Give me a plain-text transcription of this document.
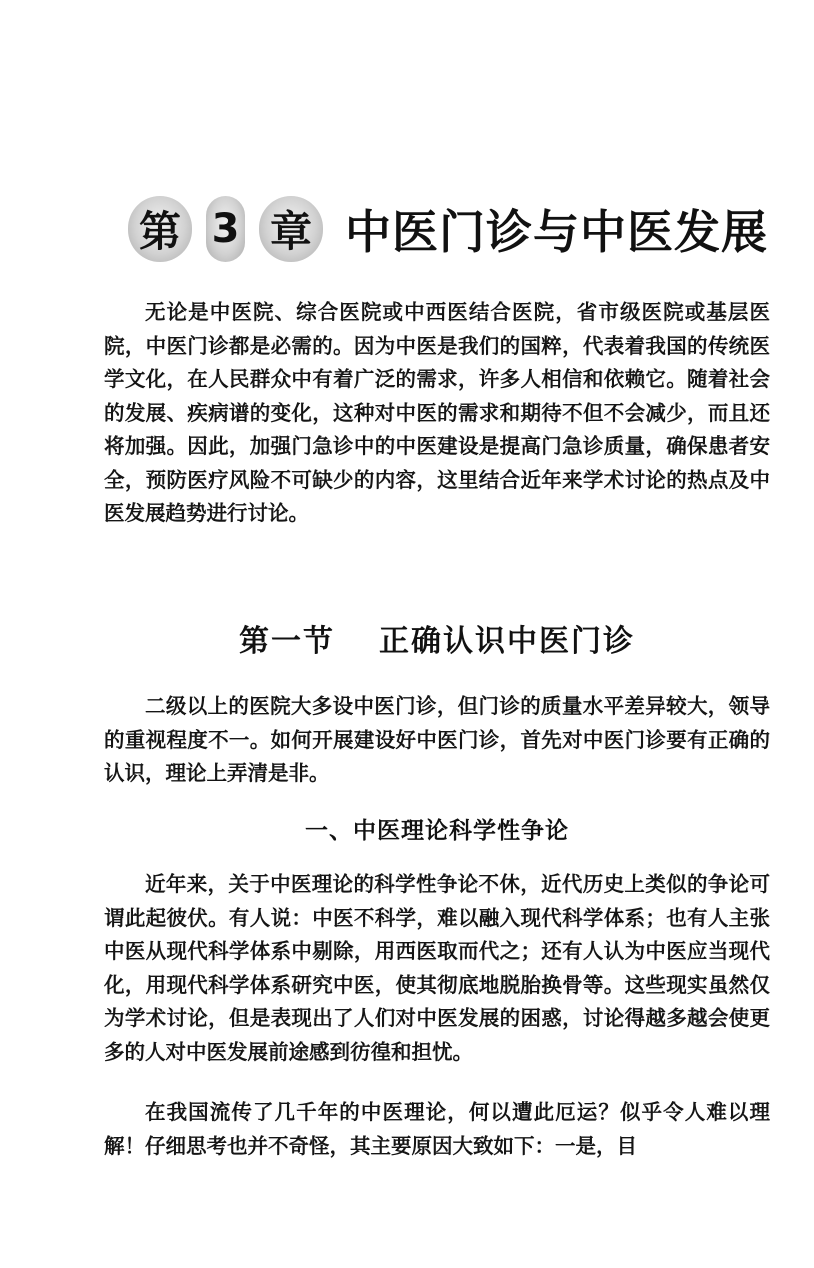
第 3 章 中医门诊与中医发展

无论是中医院、综合医院或中西医结合医院，省市级医院或基层医院，中医门诊都是必需的。因为中医是我们的国粹，代表着我国的传统医学文化，在人民群众中有着广泛的需求，许多人相信和依赖它。随着社会的发展、疾病谱的变化，这种对中医的需求和期待不但不会减少，而且还将加强。因此，加强门急诊中的中医建设是提高门急诊质量，确保患者安全，预防医疗风险不可缺少的内容，这里结合近年来学术讨论的热点及中医发展趋势进行讨论。

第一节 正确认识中医门诊

二级以上的医院大多设中医门诊，但门诊的质量水平差异较大，领导的重视程度不一。如何开展建设好中医门诊，首先对中医门诊要有正确的认识，理论上弄清是非。

一、中医理论科学性争论

近年来，关于中医理论的科学性争论不休，近代历史上类似的争论可谓此起彼伏。有人说：中医不科学，难以融入现代科学体系；也有人主张中医从现代科学体系中剔除，用西医取而代之；还有人认为中医应当现代化，用现代科学体系研究中医，使其彻底地脱胎换骨等。这些现实虽然仅为学术讨论，但是表现出了人们对中医发展的困惑，讨论得越多越会使更多的人对中医发展前途感到彷徨和担忧。

在我国流传了几千年的中医理论，何以遭此厄运？似乎令人难以理解！仔细思考也并不奇怪，其主要原因大致如下：一是，目
